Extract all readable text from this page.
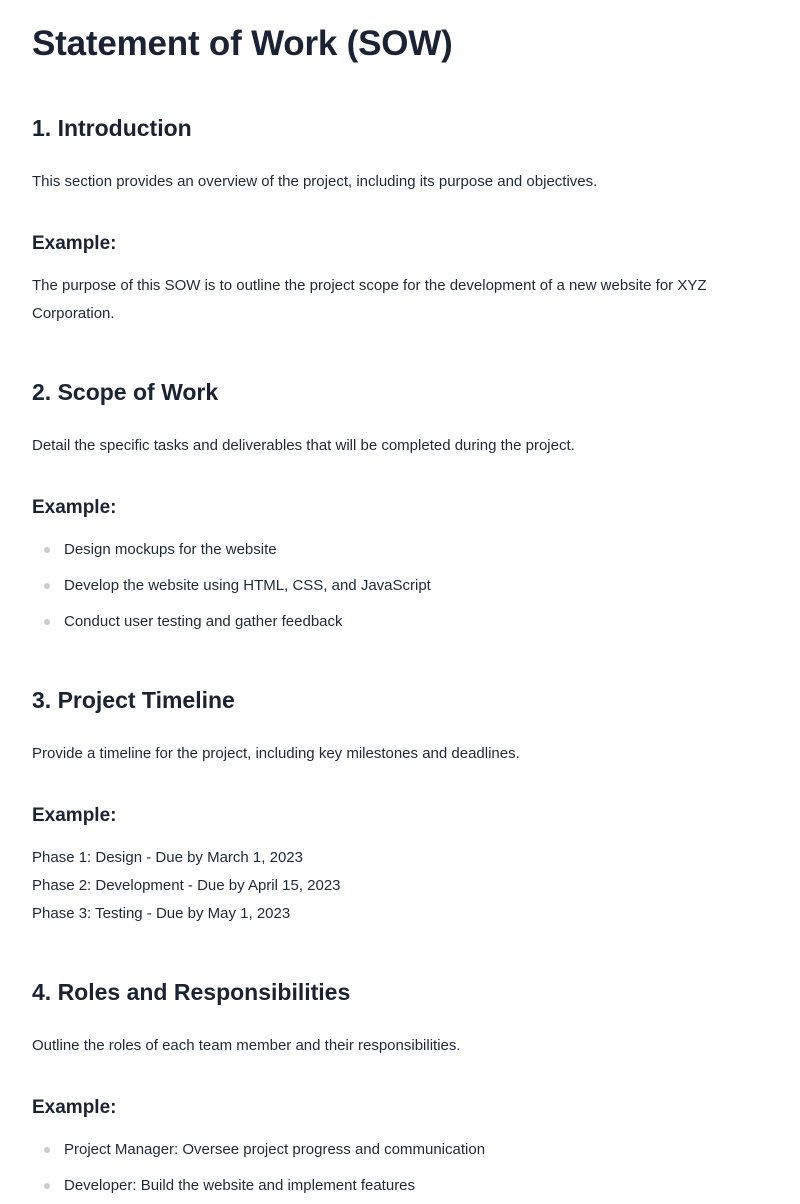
Statement of Work (SOW)
1. Introduction

This section provides an overview of the project, including its purpose and objectives.

Example:

The purpose of this SOW is to outline the project scope for the development of a new website for XYZ Corporation.

2. Scope of Work

Detail the specific tasks and deliverables that will be completed during the project.

Example:
Design mockups for the website
Develop the website using HTML, CSS, and JavaScript
Conduct user testing and gather feedback
3. Project Timeline

Provide a timeline for the project, including key milestones and deadlines.

Example:
Phase 1: Design - Due by March 1, 2023
Phase 2: Development - Due by April 15, 2023
Phase 3: Testing - Due by May 1, 2023
4. Roles and Responsibilities

Outline the roles of each team member and their responsibilities.

Example:
Project Manager: Oversee project progress and communication
Developer: Build the website and implement features
